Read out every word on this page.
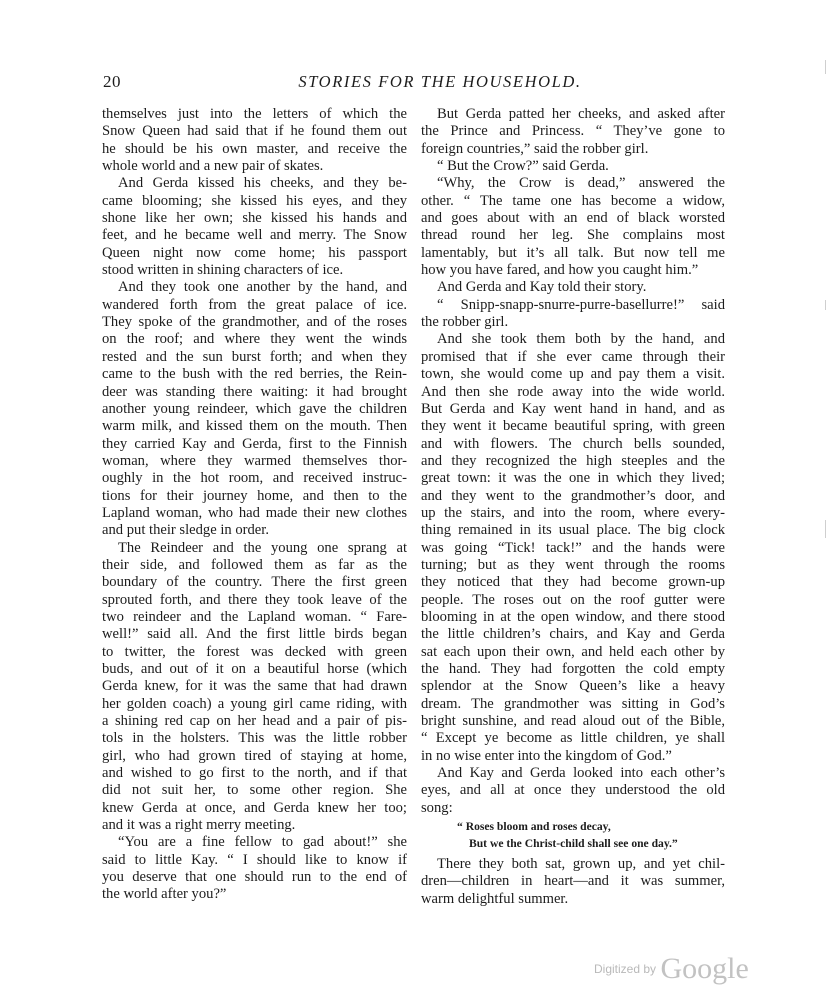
20	STORIES FOR THE HOUSEHOLD.
themselves just into the letters of which the
Snow Queen had said that if he found them out
he should be his own master, and receive the
whole world and a new pair of skates.
And Gerda kissed his cheeks, and they be-
came blooming; she kissed his eyes, and they
shone like her own; she kissed his hands and
feet, and he became well and merry. The Snow
Queen night now come home; his passport
stood written in shining characters of ice.
And they took one another by the hand, and
wandered forth from the great palace of ice.
They spoke of the grandmother, and of the roses
on the roof; and where they went the winds
rested and the sun burst forth; and when they
came to the bush with the red berries, the Rein-
deer was standing there waiting: it had brought
another young reindeer, which gave the children
warm milk, and kissed them on the mouth. Then
they carried Kay and Gerda, first to the Finnish
woman, where they warmed themselves thor-
oughly in the hot room, and received instruc-
tions for their journey home, and then to the
Lapland woman, who had made their new clothes
and put their sledge in order.
The Reindeer and the young one sprang at
their side, and followed them as far as the
boundary of the country. There the first green
sprouted forth, and there they took leave of the
two reindeer and the Lapland woman. “ Fare-
well!” said all. And the first little birds began
to twitter, the forest was decked with green
buds, and out of it on a beautiful horse (which
Gerda knew, for it was the same that had drawn
her golden coach) a young girl came riding, with
a shining red cap on her head and a pair of pis-
tols in the holsters. This was the little robber
girl, who had grown tired of staying at home,
and wished to go first to the north, and if that
did not suit her, to some other region. She
knew Gerda at once, and Gerda knew her too;
and it was a right merry meeting.
“You are a fine fellow to gad about!” she
said to little Kay. “ I should like to know if
you deserve that one should run to the end of
the world after you?”
But Gerda patted her cheeks, and asked after
the Prince and Princess. “ They’ve gone to
foreign countries,” said the robber girl.
“ But the Crow?” said Gerda.
“Why, the Crow is dead,” answered the
other. “ The tame one has become a widow,
and goes about with an end of black worsted
thread round her leg. She complains most
lamentably, but it’s all talk. But now tell me
how you have fared, and how you caught him.”
And Gerda and Kay told their story.
“ Snipp-snapp-snurre-purre-basellurre!” said
the robber girl.
And she took them both by the hand, and
promised that if she ever came through their
town, she would come up and pay them a visit.
And then she rode away into the wide world.
But Gerda and Kay went hand in hand, and as
they went it became beautiful spring, with green
and with flowers. The church bells sounded,
and they recognized the high steeples and the
great town: it was the one in which they lived;
and they went to the grandmother’s door, and
up the stairs, and into the room, where every-
thing remained in its usual place. The big clock
was going “Tick! tack!” and the hands were
turning; but as they went through the rooms
they noticed that they had become grown-up
people. The roses out on the roof gutter were
blooming in at the open window, and there stood
the little children’s chairs, and Kay and Gerda
sat each upon their own, and held each other by
the hand. They had forgotten the cold empty
splendor at the Snow Queen’s like a heavy
dream. The grandmother was sitting in God’s
bright sunshine, and read aloud out of the Bible,
“ Except ye become as little children, ye shall
in no wise enter into the kingdom of God.”
And Kay and Gerda looked into each other’s
eyes, and all at once they understood the old
song:
“ Roses bloom and roses decay,
But we the Christ-child shall see one day.”
There they both sat, grown up, and yet chil-
dren—children in heart—and it was summer,
warm delightful summer.
$^{Digitized by}$ Google
